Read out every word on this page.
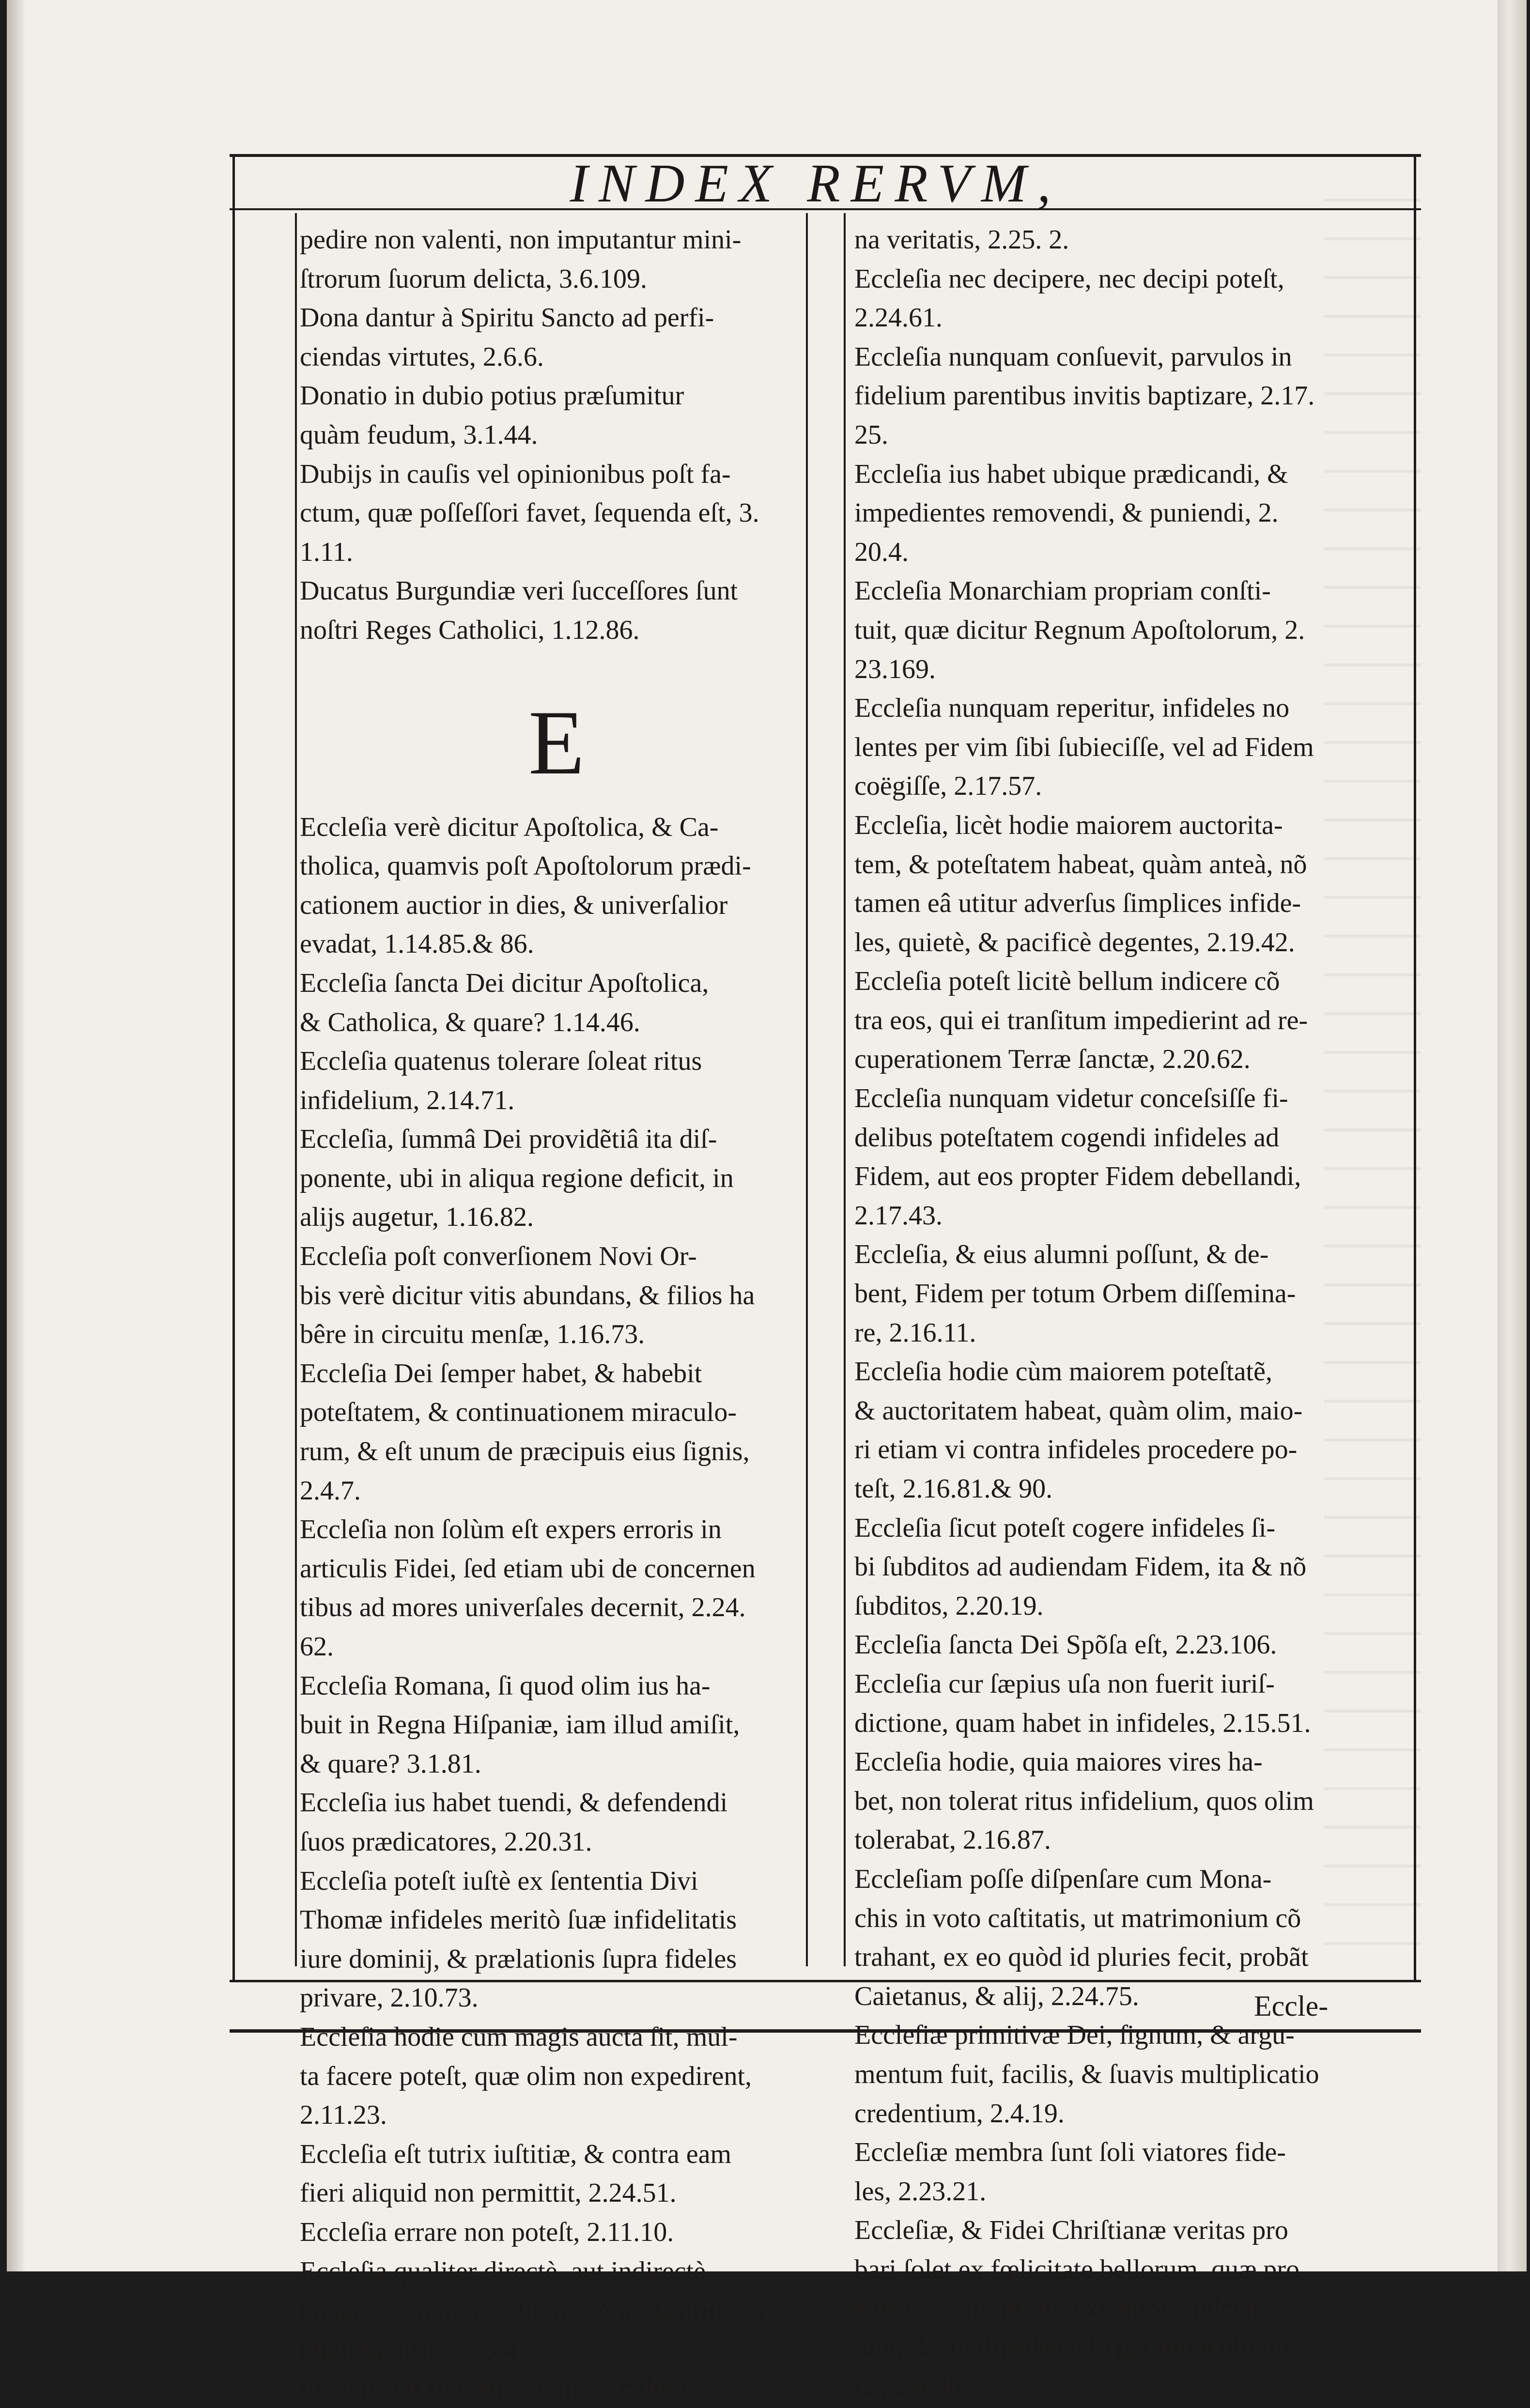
INDEX RERVM,

pedire non valenti, non imputantur mini-

ſtrorum ſuorum delicta, 3.6.109.

Dona dantur à Spiritu Sancto ad perfi-

ciendas virtutes, 2.6.6.

Donatio in dubio potius præſumitur

quàm feudum, 3.1.44.

Dubijs in cauſis vel opinionibus poſt fa-

ctum, quæ poſſeſſori favet, ſequenda eſt, 3.

1.11.

Ducatus Burgundiæ veri ſucceſſores ſunt

noſtri Reges Catholici, 1.12.86.

E

Eccleſia verè dicitur Apoſtolica, & Ca-

tholica, quamvis poſt Apoſtolorum prædi-

cationem auctior in dies, & univerſalior

evadat, 1.14.85.& 86.

Eccleſia ſancta Dei dicitur Apoſtolica,

& Catholica, & quare? 1.14.46.

Eccleſia quatenus tolerare ſoleat ritus

infidelium, 2.14.71.

Eccleſia, ſummâ Dei providẽtiâ ita diſ-

ponente, ubi in aliqua regione deficit, in

alijs augetur, 1.16.82.

Eccleſia poſt converſionem Novi Or-

bis verè dicitur vitis abundans, & filios ha

bêre in circuitu menſæ, 1.16.73.

Eccleſia Dei ſemper habet, & habebit

poteſtatem, & continuationem miraculo-

rum, & eſt unum de præcipuis eius ſignis,

2.4.7.

Eccleſia non ſolùm eſt expers erroris in

articulis Fidei, ſed etiam ubi de concernen

tibus ad mores univerſales decernit, 2.24.

62.

Eccleſia Romana, ſi quod olim ius ha-

buit in Regna Hiſpaniæ, iam illud amiſit,

& quare? 3.1.81.

Eccleſia ius habet tuendi, & defendendi

ſuos prædicatores, 2.20.31.

Eccleſia poteſt iuſtè ex ſententia Divi

Thomæ infideles meritò ſuæ infidelitatis

iure dominij, & prælationis ſupra fideles

privare, 2.10.73.

Eccleſia hodie cum magis aucta ſit, mul-

ta facere poteſt, quæ olim non expedirent,

2.11.23.

Eccleſia eſt tutrix iuſtitiæ, & contra eam

fieri aliquid non permittit, 2.24.51.

Eccleſia errare non poteſt, 2.11.10.

Eccleſia qualiter directè, aut indirectè

pœnâ excommunicationis, & alijs infideles

punire poſsit, 2.15.47.

Eccleſia eſt fundamentum, & colum-

na veritatis, 2.25. 2.

Eccleſia nec decipere, nec decipi poteſt,

2.24.61.

Eccleſia nunquam conſuevit, parvulos in

fidelium parentibus invitis baptizare, 2.17.

25.

Eccleſia ius habet ubique prædicandi, &

impedientes removendi, & puniendi, 2.

20.4.

Eccleſia Monarchiam propriam conſti-

tuit, quæ dicitur Regnum Apoſtolorum, 2.

23.169.

Eccleſia nunquam reperitur, infideles no

lentes per vim ſibi ſubieciſſe, vel ad Fidem

coëgiſſe, 2.17.57.

Eccleſia, licèt hodie maiorem auctorita-

tem, & poteſtatem habeat, quàm anteà, nõ

tamen eâ utitur adverſus ſimplices infide-

les, quietè, & pacificè degentes, 2.19.42.

Eccleſia poteſt licitè bellum indicere cõ

tra eos, qui ei tranſitum impedierint ad re-

cuperationem Terræ ſanctæ, 2.20.62.

Eccleſia nunquam videtur conceſsiſſe fi-

delibus poteſtatem cogendi infideles ad

Fidem, aut eos propter Fidem debellandi,

2.17.43.

Eccleſia, & eius alumni poſſunt, & de-

bent, Fidem per totum Orbem diſſemina-

re, 2.16.11.

Eccleſia hodie cùm maiorem poteſtatẽ,

& auctoritatem habeat, quàm olim, maio-

ri etiam vi contra infideles procedere po-

teſt, 2.16.81.& 90.

Eccleſia ſicut poteſt cogere infideles ſi-

bi ſubditos ad audiendam Fidem, ita & nõ

ſubditos, 2.20.19.

Eccleſia ſancta Dei Spõſa eſt, 2.23.106.

Eccleſia cur ſæpius uſa non fuerit iuriſ-

dictione, quam habet in infideles, 2.15.51.

Eccleſia hodie, quia maiores vires ha-

bet, non tolerat ritus infidelium, quos olim

tolerabat, 2.16.87.

Eccleſiam poſſe diſpenſare cum Mona-

chis in voto caſtitatis, ut matrimonium cõ

trahant, ex eo quòd id pluries fecit, probãt

Caietanus, & alij, 2.24.75.

Eccleſiæ primitivæ Dei, ſignum, & argu-

mentum fuit, facilis, & ſuavis multiplicatio

credentium, 2.4.19.

Eccleſiæ membra ſunt ſoli viatores fide-

les, 2.23.21.

Eccleſiæ, & Fidei Chriſtianæ veritas pro

bari ſolet ex fœlicitate bellorum, quæ pro

eius defenſione, aut extenſione ſuſcepta

ſunt, & auxilijs de cœlo per miraculũ miſ-

ſis, 2.4.36.

Eccle-
